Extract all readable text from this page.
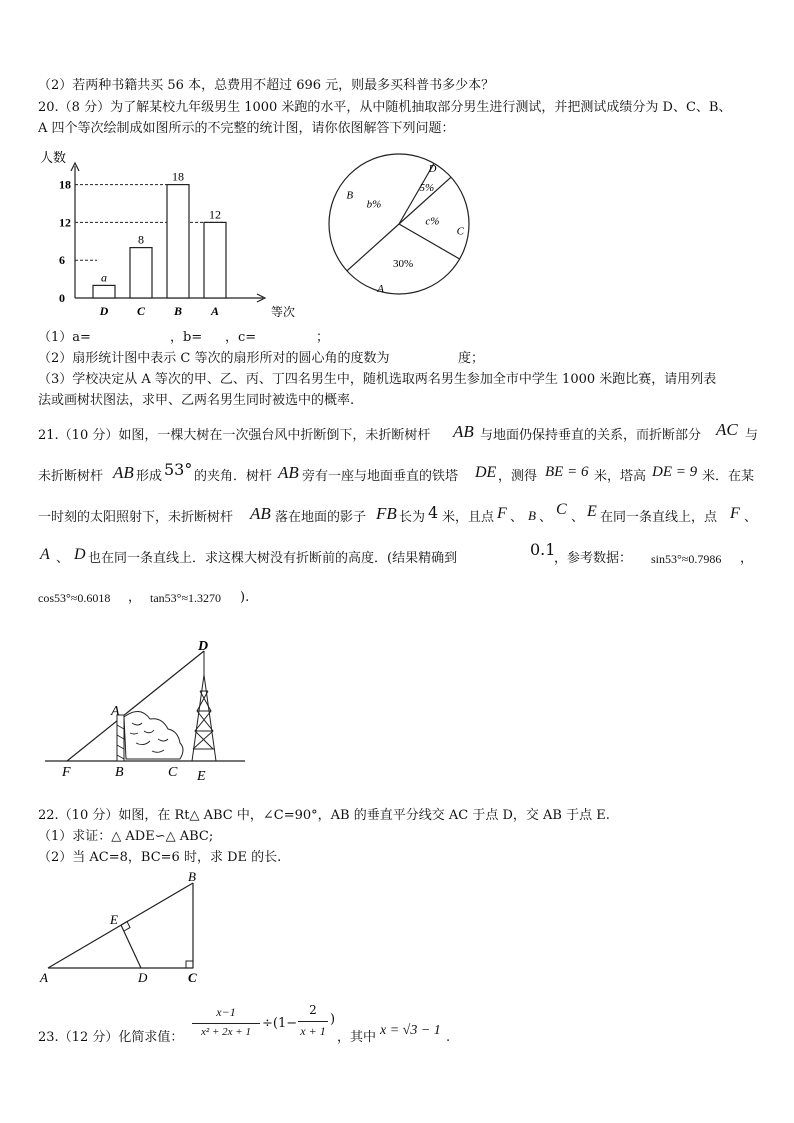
（2）若两种书籍共买 56 本，总费用不超过 696 元，则最多买科普书多少本？
20.（8 分）为了解某校九年级男生 1000 米跑的水平，从中随机抽取部分男生进行测试，并把测试成绩分为 D、C、B、
A 四个等次绘制成如图所示的不完整的统计图，请你依图解答下列问题：
人数
等次
0
6
12
18
a
D
8
C
18
B
12
A
30%
A
b%
B
5%
D
c%
C
（1）a=	，b= ，c=	；
（2）扇形统计图中表示 C 等次的扇形所对的圆心角的度数为	度；
（3）学校决定从 A 等次的甲、乙、丙、丁四名男生中，随机选取两名男生参加全市中学生 1000 米跑比赛，请用列表
法或画树状图法，求甲、乙两名男生同时被选中的概率.
21.（10 分）如图，一棵大树在一次强台风中折断倒下，未折断树杆 AB 与地面仍保持垂直的关系，而折断部分 AC 与
未折断树杆 AB 形成 53° 的夹角．树杆 AB 旁有一座与地面垂直的铁塔 DE ，测得 BE = 6 米，塔高 DE = 9 米．在某
一时刻的太阳照射下，未折断树杆 AB 落在地面的影子 FB 长为 4 米，且点 F 、 B 、 C 、 E 在同一条直线上，点 F 、
A 、 D 也在同一条直线上．求这棵大树没有折断前的高度．(结果精确到	0.1
，参考数据： sin53°≈0.7986 ，
cos53°≈0.6018 ， tan53°≈1.3270 ).
D
A
F	B	C E
22.（10 分）如图，在 Rt△ ABC 中，∠C=90°，AB 的垂直平分线交 AC 于点 D，交 AB 于点 E.
（1）求证：△ ADE∽△ ABC;
（2）当 AC=8，BC=6 时，求 DE 的长.
A
B
C
D
E
23.（12 分）化简求值：
x−1
x² + 2x + 1
÷(1−
2
x + 1
)
，其中 x = √3 − 1 .
